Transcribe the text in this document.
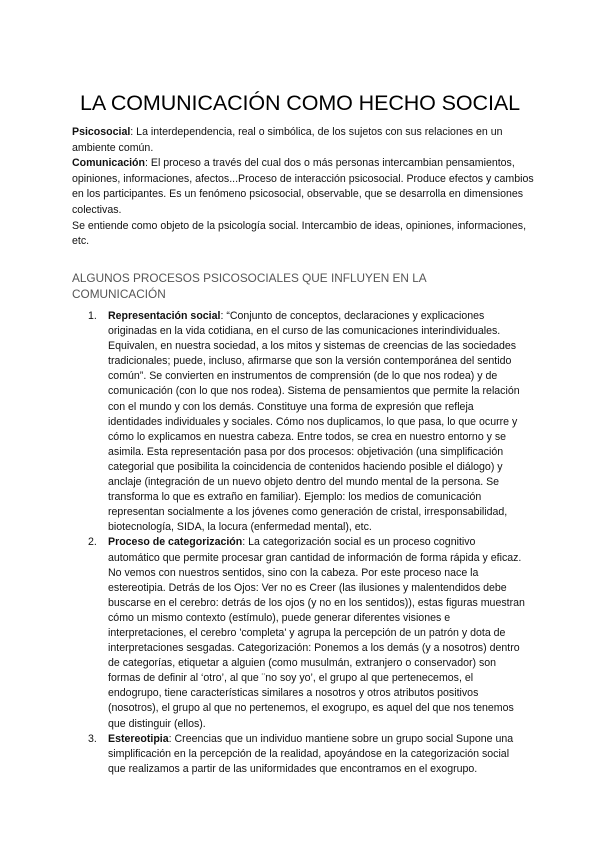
LA COMUNICACIÓN COMO HECHO SOCIAL

Psicosocial: La interdependencia, real o simbólica, de los sujetos con sus relaciones en un ambiente común.

Comunicación: El proceso a través del cual dos o más personas intercambian pensamientos, opiniones, informaciones, afectos...Proceso de interacción psicosocial. Produce efectos y cambios en los participantes. Es un fenómeno psicosocial, observable, que se desarrolla en dimensiones colectivas.

Se entiende como objeto de la psicología social. Intercambio de ideas, opiniones, informaciones, etc.

ALGUNOS PROCESOS PSICOSOCIALES QUE INFLUYEN EN LA COMUNICACIÓN
1. Representación social: “Conjunto de conceptos, declaraciones y explicaciones originadas en la vida cotidiana, en el curso de las comunicaciones interindividuales. Equivalen, en nuestra sociedad, a los mitos y sistemas de creencias de las sociedades tradicionales; puede, incluso, afirmarse que son la versión contemporánea del sentido común”. Se convierten en instrumentos de comprensión (de lo que nos rodea) y de comunicación (con lo que nos rodea). Sistema de pensamientos que permite la relación con el mundo y con los demás. Constituye una forma de expresión que refleja identidades individuales y sociales. Cómo nos duplicamos, lo que pasa, lo que ocurre y cómo lo explicamos en nuestra cabeza. Entre todos, se crea en nuestro entorno y se asimila. Esta representación pasa por dos procesos: objetivación (una simplificación categorial que posibilita la coincidencia de contenidos haciendo posible el diálogo) y anclaje (integración de un nuevo objeto dentro del mundo mental de la persona. Se transforma lo que es extraño en familiar). Ejemplo: los medios de comunicación representan socialmente a los jóvenes como generación de cristal, irresponsabilidad, biotecnología, SIDA, la locura (enfermedad mental), etc.
2. Proceso de categorización: La categorización social es un proceso cognitivo automático que permite procesar gran cantidad de información de forma rápida y eficaz. No vemos con nuestros sentidos, sino con la cabeza. Por este proceso nace la estereotipia. Detrás de los Ojos: Ver no es Creer (las ilusiones y malentendidos debe buscarse en el cerebro: detrás de los ojos (y no en los sentidos)), estas figuras muestran cómo un mismo contexto (estímulo), puede generar diferentes visiones e interpretaciones, el cerebro 'completa' y agrupa la percepción de un patrón y dota de interpretaciones sesgadas. Categorización: Ponemos a los demás (y a nosotros) dentro de categorías, etiquetar a alguien (como musulmán, extranjero o conservador) son formas de definir al ‘otro’, al que ¨no soy yo’, el grupo al que pertenecemos, el endogrupo, tiene características similares a nosotros y otros atributos positivos (nosotros), el grupo al que no pertenemos, el exogrupo, es aquel del que nos tenemos que distinguir (ellos).
3. Estereotipia: Creencias que un individuo mantiene sobre un grupo social Supone una simplificación en la percepción de la realidad, apoyándose en la categorización social que realizamos a partir de las uniformidades que encontramos en el exogrupo.
